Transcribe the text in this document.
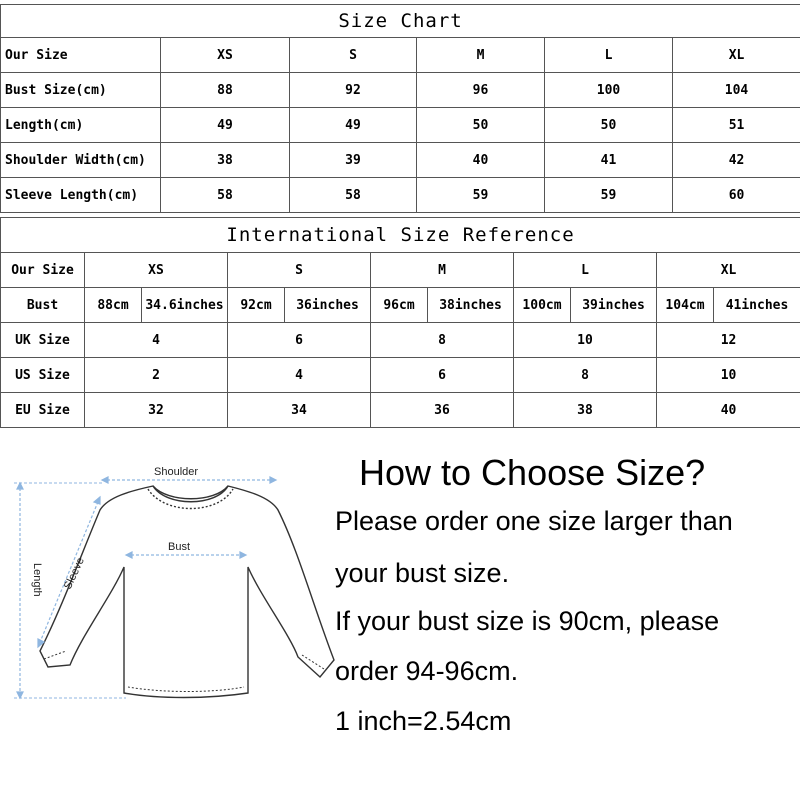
Size Chart					
Our Size	XS	S	M	L	XL
Bust Size(cm)	88	92	96	100	104
Length(cm)	49	49	50	50	51
Shoulder Width(cm)	38	39	40	41	42
Sleeve Length(cm)	58	58	59	59	60
International Size Reference										
Our Size	XS		S		M		L		XL	
Bust	88cm	34.6inches	92cm	36inches	96cm	38inches	100cm	39inches	104cm	41inches
UK Size	4		6		8		10		12	
US Size	2		4		6		8		10	
EU Size	32		34		36		38		40	
Shoulder
Bust
Sleeve
Length
How to Choose Size?
Please order one size larger than
your bust size.
If your bust size is 90cm, please
order 94-96cm.
1 inch=2.54cm
